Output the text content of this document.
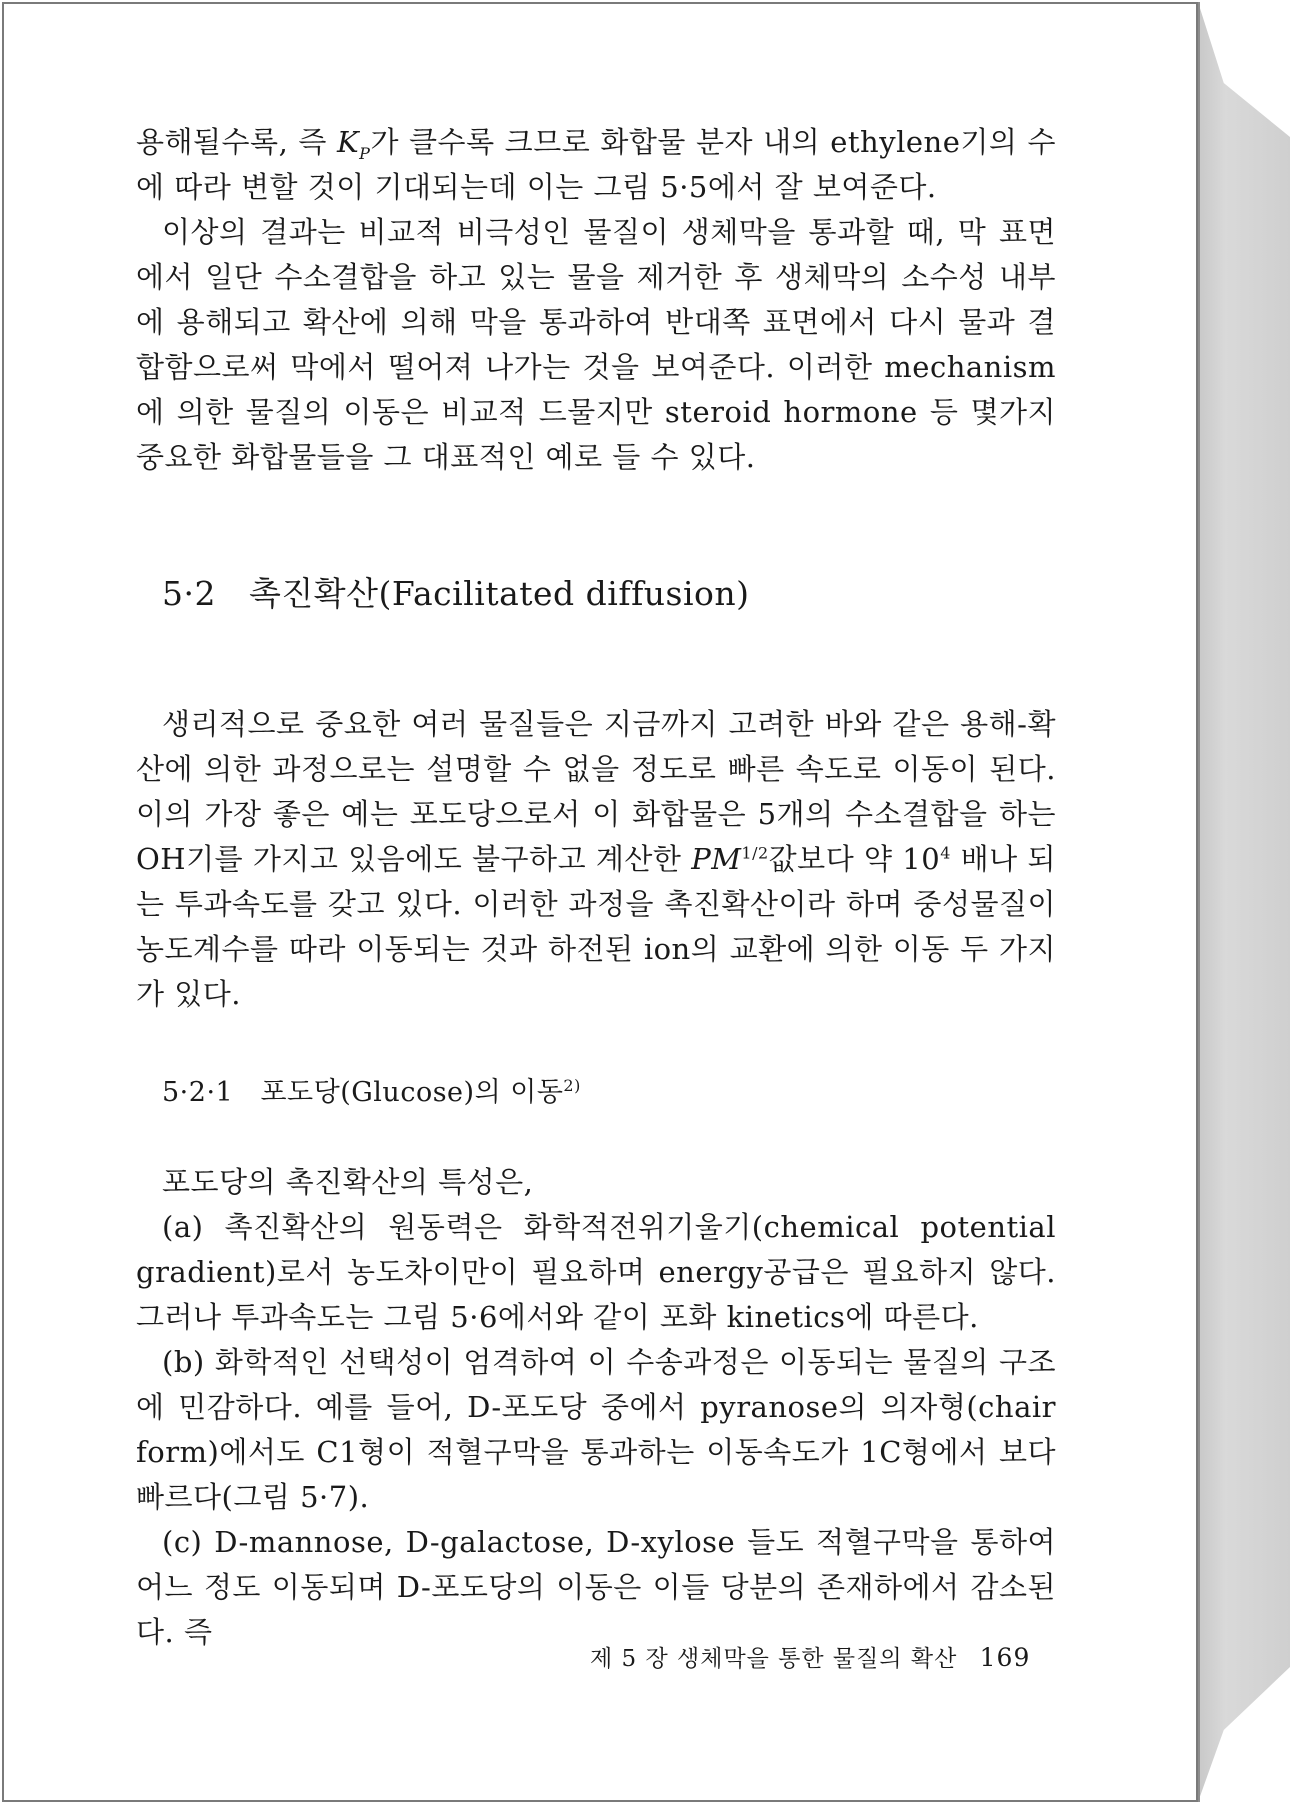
용해될수록, 즉 $K_P$가 클수록 크므로 화합물 분자 내의 ethylene기의 수 에 따라 변할 것이 기대되는데 이는 그림 5·5에서 잘 보여준다.

이상의 결과는 비교적 비극성인 물질이 생체막을 통과할 때, 막 표면에서 일단 수소결합을 하고 있는 물을 제거한 후 생체막의 소수성 내부에 용해되고 확산에 의해 막을 통과하여 반대쪽 표면에서 다시 물과 결합함으로써 막에서 떨어져 나가는 것을 보여준다. 이러한 mechanism에 의한 물질의 이동은 비교적 드물지만 steroid hormone 등 몇가지 중요한 화합물들을 그 대표적인 예로 들 수 있다.

5·2 촉진확산(Facilitated diffusion)

생리적으로 중요한 여러 물질들은 지금까지 고려한 바와 같은 용해-확산에 의한 과정으로는 설명할 수 없을 정도로 빠른 속도로 이동이 된다. 이의 가장 좋은 예는 포도당으로서 이 화합물은 5개의 수소결합을 하는 OH기를 가지고 있음에도 불구하고 계산한 $PM^{1/2}$값보다 약 $10^4$ 배나 되는 투과속도를 갖고 있다. 이러한 과정을 촉진확산이라 하며 중성물질이 농도계수를 따라 이동되는 것과 하전된 ion의 교환에 의한 이동 두 가지가 있다.

5·2·1 포도당(Glucose)의 이동$^{2)}$

포도당의 촉진확산의 특성은,

(a) 촉진확산의 원동력은 화학적전위기울기(chemical potential gradient)로서 농도차이만이 필요하며 energy공급은 필요하지 않다. 그러나 투과속도는 그림 5·6에서와 같이 포화 kinetics에 따른다.

(b) 화학적인 선택성이 엄격하여 이 수송과정은 이동되는 물질의 구조에 민감하다. 예를 들어, D-포도당 중에서 pyranose의 의자형(chair form)에서도 C1형이 적혈구막을 통과하는 이동속도가 1C형에서 보다 빠르다(그림 5·7).

(c) D-mannose, D-galactose, D-xylose 들도 적혈구막을 통하여 어느 정도 이동되며 D-포도당의 이동은 이들 당분의 존재하에서 감소된다. 즉

제 5 장 생체막을 통한 물질의 확산 169
